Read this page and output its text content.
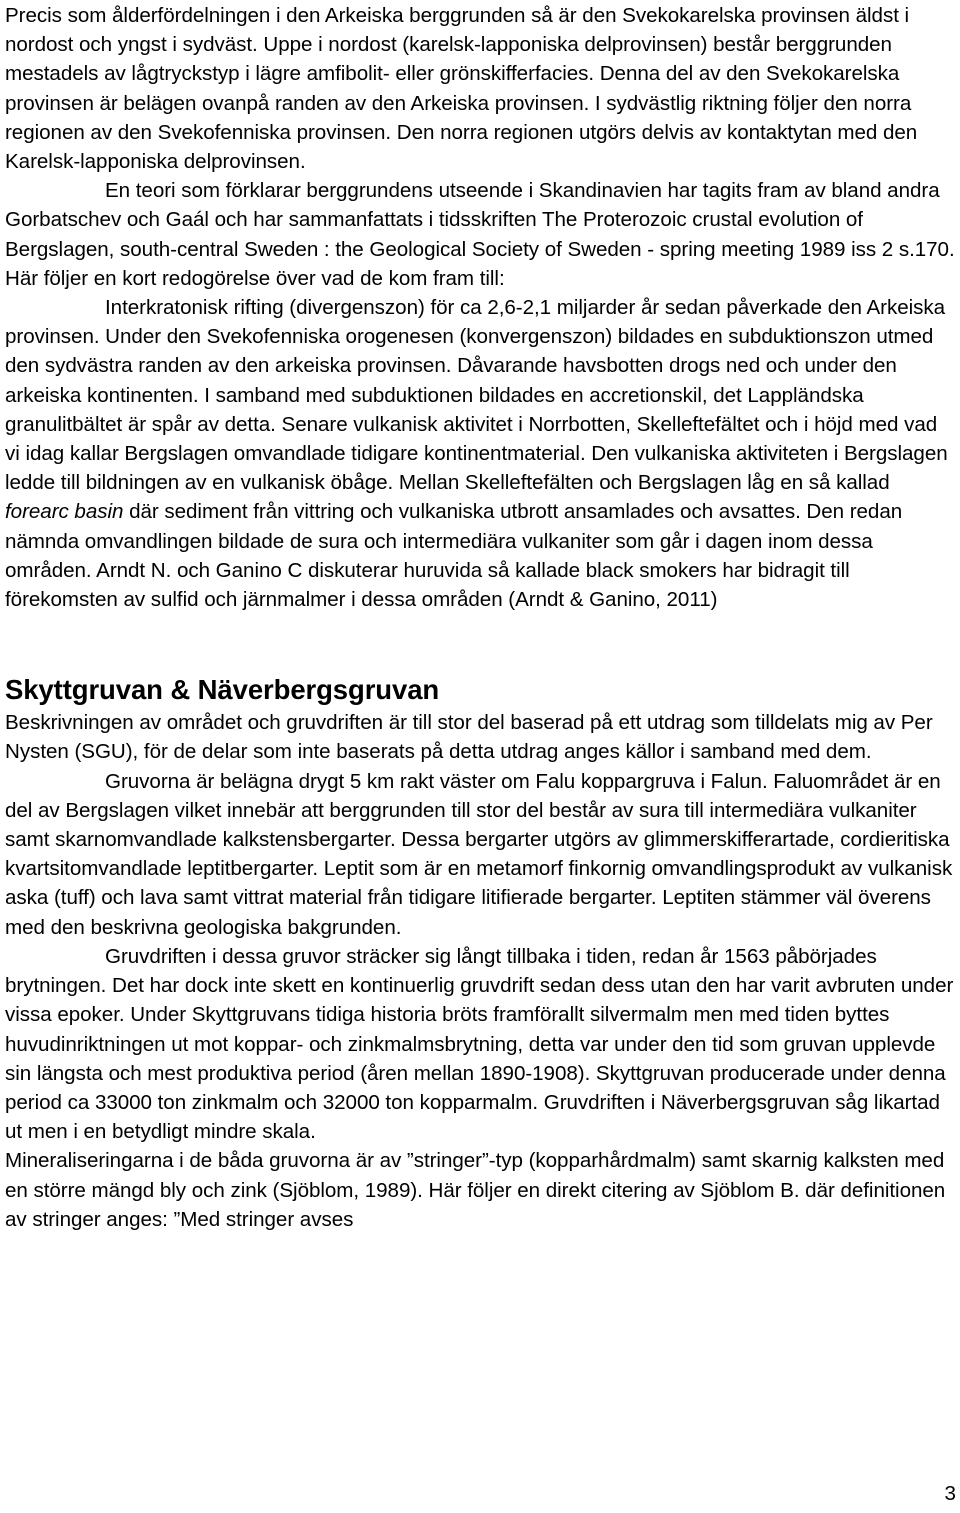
Precis som ålderfördelningen i den Arkeiska berggrunden så är den Svekokarelska provinsen äldst i nordost och yngst i sydväst. Uppe i nordost (karelsk-lapponiska delprovinsen) består berggrunden mestadels av lågtryckstyp i lägre amfibolit- eller grönskifferfacies. Denna del av den Svekokarelska provinsen är belägen ovanpå randen av den Arkeiska provinsen. I sydvästlig riktning följer den norra regionen av den Svekofenniska provinsen. Den norra regionen utgörs delvis av kontaktytan med den Karelsk-lapponiska delprovinsen.

En teori som förklarar berggrundens utseende i Skandinavien har tagits fram av bland andra Gorbatschev och Gaál och har sammanfattats i tidsskriften The Proterozoic crustal evolution of Bergslagen, south-central Sweden : the Geological Society of Sweden - spring meeting 1989 iss 2 s.170. Här följer en kort redogörelse över vad de kom fram till:

Interkratonisk rifting (divergenszon) för ca 2,6-2,1 miljarder år sedan påverkade den Arkeiska provinsen. Under den Svekofenniska orogenesen (konvergenszon) bildades en subduktionszon utmed den sydvästra randen av den arkeiska provinsen. Dåvarande havsbotten drogs ned och under den arkeiska kontinenten. I samband med subduktionen bildades en accretionskil, det Lappländska granulitbältet är spår av detta. Senare vulkanisk aktivitet i Norrbotten, Skelleftefältet och i höjd med vad vi idag kallar Bergslagen omvandlade tidigare kontinentmaterial. Den vulkaniska aktiviteten i Bergslagen ledde till bildningen av en vulkanisk öbåge. Mellan Skelleftefälten och Bergslagen låg en så kallad forearc basin där sediment från vittring och vulkaniska utbrott ansamlades och avsattes. Den redan nämnda omvandlingen bildade de sura och intermediära vulkaniter som går i dagen inom dessa områden. Arndt N. och Ganino C diskuterar huruvida så kallade black smokers har bidragit till förekomsten av sulfid och järnmalmer i dessa områden (Arndt & Ganino, 2011)

Skyttgruvan & Näverbergsgruvan

Beskrivningen av området och gruvdriften är till stor del baserad på ett utdrag som tilldelats mig av Per Nysten (SGU), för de delar som inte baserats på detta utdrag anges källor i samband med dem.

Gruvorna är belägna drygt 5 km rakt väster om Falu koppargruva i Falun. Faluområdet är en del av Bergslagen vilket innebär att berggrunden till stor del består av sura till intermediära vulkaniter samt skarnomvandlade kalkstensbergarter. Dessa bergarter utgörs av glimmerskifferartade, cordieritiska kvartsitomvandlade leptitbergarter. Leptit som är en metamorf finkornig omvandlingsprodukt av vulkanisk aska (tuff) och lava samt vittrat material från tidigare litifierade bergarter. Leptiten stämmer väl överens med den beskrivna geologiska bakgrunden.

Gruvdriften i dessa gruvor sträcker sig långt tillbaka i tiden, redan år 1563 påbörjades brytningen. Det har dock inte skett en kontinuerlig gruvdrift sedan dess utan den har varit avbruten under vissa epoker. Under Skyttgruvans tidiga historia bröts framförallt silvermalm men med tiden byttes huvudinriktningen ut mot koppar- och zinkmalmsbrytning, detta var under den tid som gruvan upplevde sin längsta och mest produktiva period (åren mellan 1890-1908). Skyttgruvan producerade under denna period ca 33000 ton zinkmalm och 32000 ton kopparmalm. Gruvdriften i Näverbergsgruvan såg likartad ut men i en betydligt mindre skala.

Mineraliseringarna i de båda gruvorna är av ”stringer”-typ (kopparhårdmalm) samt skarnig kalksten med en större mängd bly och zink (Sjöblom, 1989). Här följer en direkt citering av Sjöblom B. där definitionen av stringer anges: ”Med stringer avses

3
